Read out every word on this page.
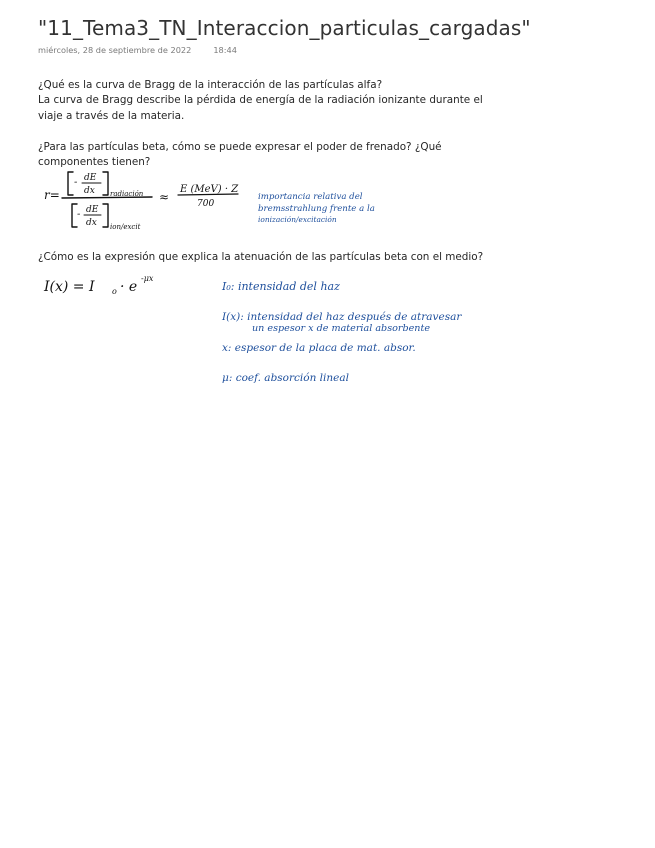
"11_Tema3_TN_Interaccion_particulas_cargadas"
miércoles, 28 de septiembre de 2022	18:44
¿Qué es la curva de Bragg de la interacción de las partículas alfa?
La curva de Bragg describe la pérdida de energía de la radiación ionizante durante el
viaje a través de la materia.
¿Para las partículas beta, cómo se puede expresar el poder de frenado? ¿Qué
componentes tienen?
¿Cómo es la expresión que explica la atenuación de las partículas beta con el medio?
r=
- dE
dx radiación
- dE
dx ion/excit
≈
E (MeV) · Z
700
importancia relativa del
bremsstrahlung frente a la
ionización/excitación
I(x) = I o · e
-μx
I₀: intensidad del haz
I(x): intensidad del haz después de atravesar
un espesor x de material absorbente
x: espesor de la placa de mat. absor.
μ: coef. absorción lineal
